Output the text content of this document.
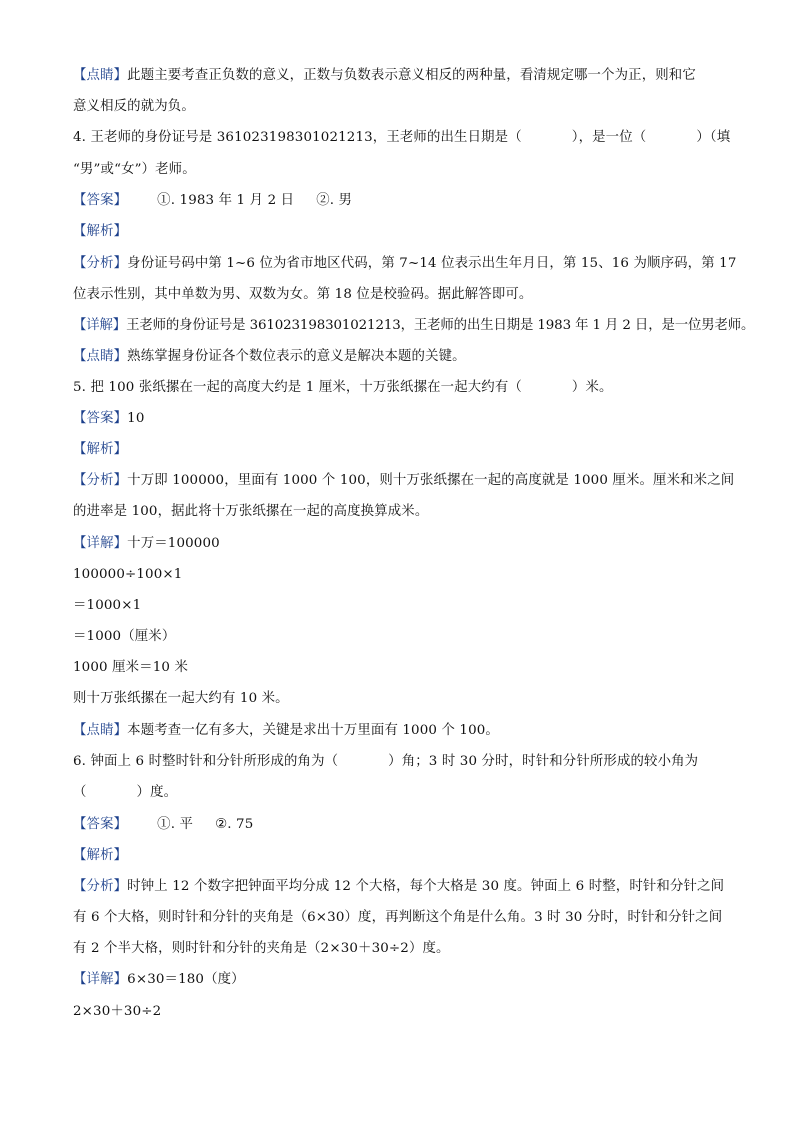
【点睛】此题主要考查正负数的意义，正数与负数表示意义相反的两种量，看清规定哪一个为正，则和它
意义相反的就为负。
4. 王老师的身份证号是 361023198301021213，王老师的出生日期是（	），是一位（	）（填
“男”或“女”）老师。
【答案】 ①. 1983 年 1 月 2 日 ②. 男
【解析】
【分析】身份证号码中第 1~6 位为省市地区代码，第 7~14 位表示出生年月日，第 15、16 为顺序码，第 17
位表示性别，其中单数为男、双数为女。第 18 位是校验码。据此解答即可。
【详解】王老师的身份证号是 361023198301021213，王老师的出生日期是 1983 年 1 月 2 日，是一位男老师。
【点睛】熟练掌握身份证各个数位表示的意义是解决本题的关键。
5. 把 100 张纸摞在一起的高度大约是 1 厘米，十万张纸摞在一起大约有（	）米。
【答案】10
【解析】
【分析】十万即 100000，里面有 1000 个 100，则十万张纸摞在一起的高度就是 1000 厘米。厘米和米之间
的进率是 100，据此将十万张纸摞在一起的高度换算成米。
【详解】十万＝100000
100000÷100×1
＝1000×1
＝1000（厘米）
1000 厘米＝10 米
则十万张纸摞在一起大约有 10 米。
【点睛】本题考查一亿有多大，关键是求出十万里面有 1000 个 100。
6. 钟面上 6 时整时针和分针所形成的角为（	）角；3 时 30 分时，时针和分针所形成的较小角为
（	）度。
【答案】 ①. 平 ②. 75
【解析】
【分析】时钟上 12 个数字把钟面平均分成 12 个大格，每个大格是 30 度。钟面上 6 时整，时针和分针之间
有 6 个大格，则时针和分针的夹角是（6×30）度，再判断这个角是什么角。3 时 30 分时，时针和分针之间
有 2 个半大格，则时针和分针的夹角是（2×30＋30÷2）度。
【详解】6×30＝180（度）
2×30＋30÷2
